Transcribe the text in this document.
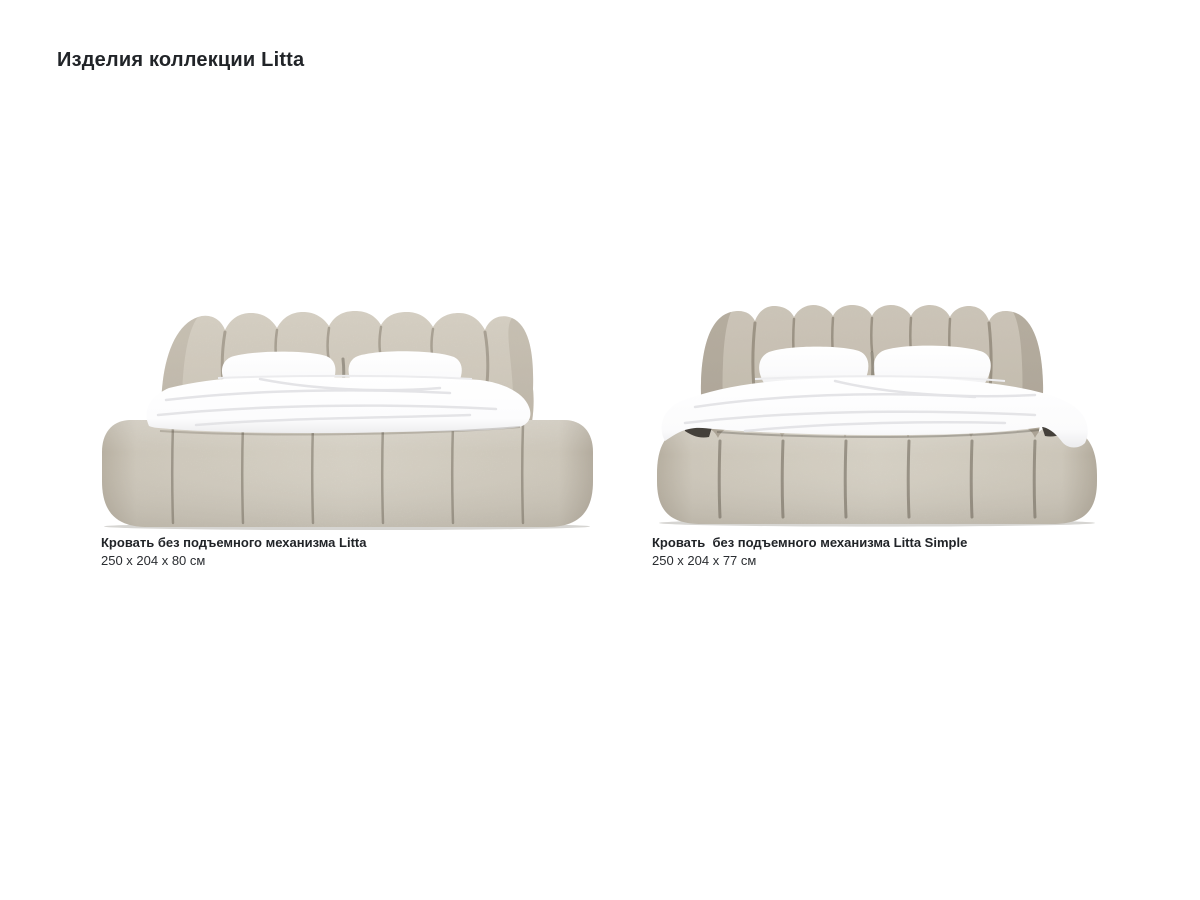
Изделия коллекции Litta
Кровать без подъемного механизма Litta
250 x 204 x 80 см
Кровать  без подъемного механизма Litta Simple
250 x 204 x 77 см
